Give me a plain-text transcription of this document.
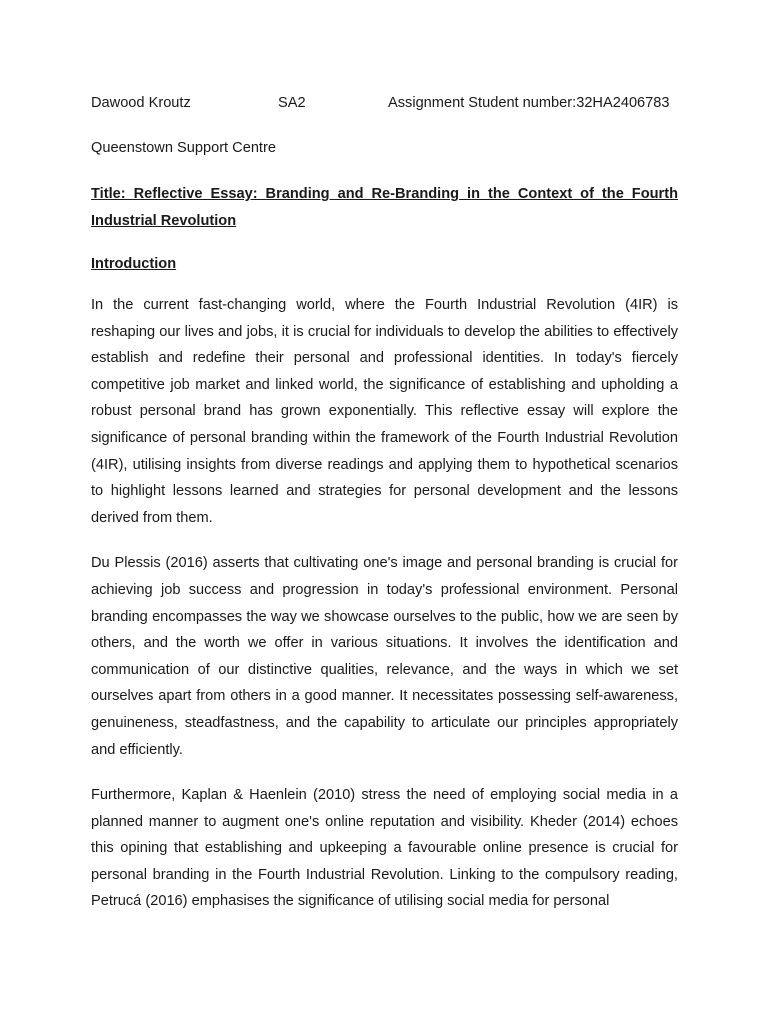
Dawood Kroutz	SA2	Assignment Student number:32HA2406783
Queenstown Support Centre
Title: Reflective Essay: Branding and Re-Branding in the Context of the Fourth Industrial Revolution
Introduction

In the current fast-changing world, where the Fourth Industrial Revolution (4IR) is reshaping our lives and jobs, it is crucial for individuals to develop the abilities to effectively establish and redefine their personal and professional identities. In today's fiercely competitive job market and linked world, the significance of establishing and upholding a robust personal brand has grown exponentially. This reflective essay will explore the significance of personal branding within the framework of the Fourth Industrial Revolution (4IR), utilising insights from diverse readings and applying them to hypothetical scenarios to highlight lessons learned and strategies for personal development and the lessons derived from them.

Du Plessis (2016) asserts that cultivating one's image and personal branding is crucial for achieving job success and progression in today's professional environment. Personal branding encompasses the way we showcase ourselves to the public, how we are seen by others, and the worth we offer in various situations. It involves the identification and communication of our distinctive qualities, relevance, and the ways in which we set ourselves apart from others in a good manner. It necessitates possessing self-awareness, genuineness, steadfastness, and the capability to articulate our principles appropriately and efficiently.

Furthermore, Kaplan & Haenlein (2010) stress the need of employing social media in a planned manner to augment one's online reputation and visibility. Kheder (2014) echoes this opining that establishing and upkeeping a favourable online presence is crucial for personal branding in the Fourth Industrial Revolution. Linking to the compulsory reading, Petrucá (2016) emphasises the significance of utilising social media for personal
